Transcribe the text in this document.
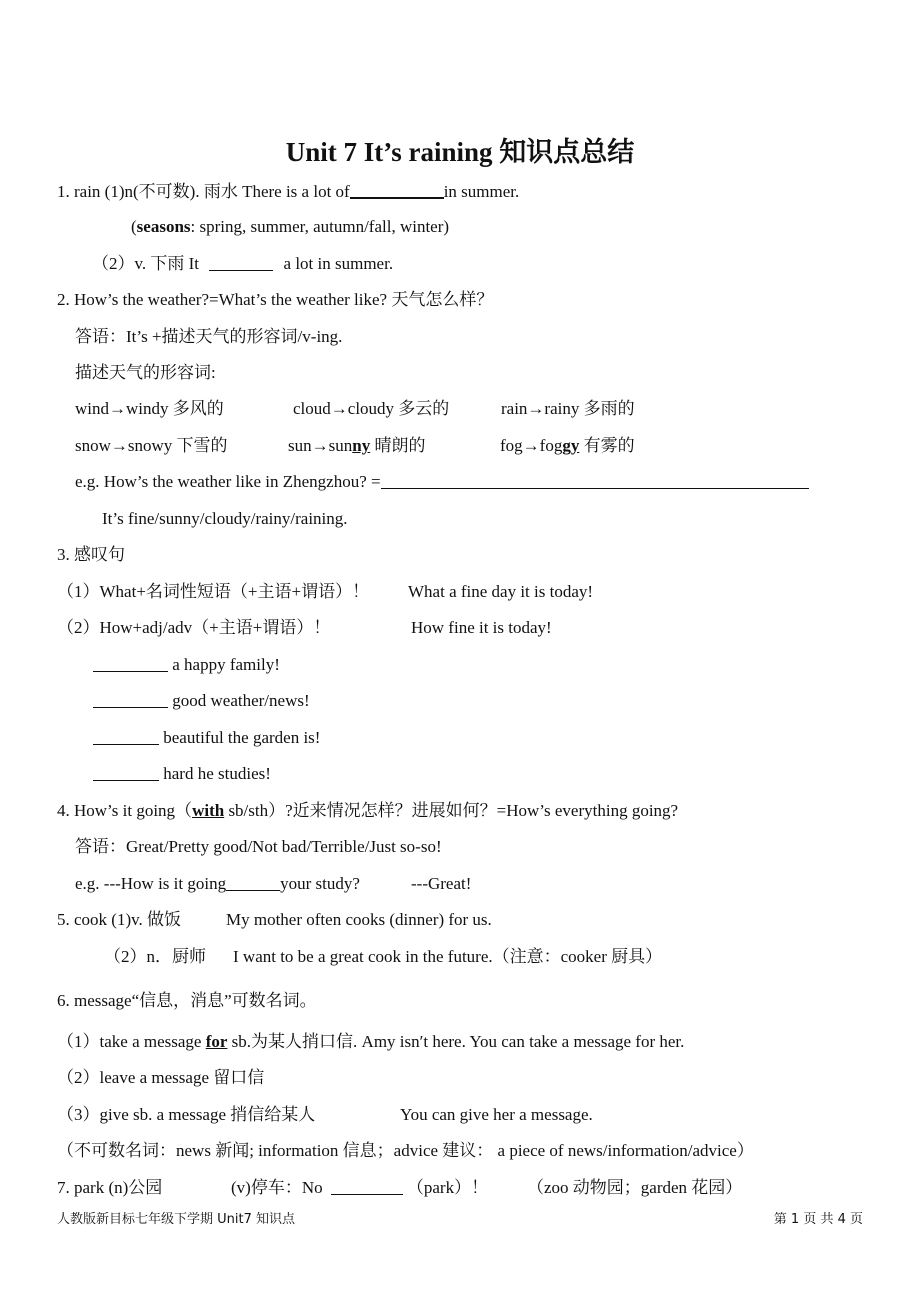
Unit 7 It’s raining 知识点总结
1. rain (1)n(不可数). 雨水 There is a lot of	in summer.
(seasons: spring, summer, autumn/fall, winter)
（2）v. 下雨 It	a lot in summer.
2. How’s the weather?=What’s the weather like? 天气怎么样？
答语：It’s +描述天气的形容词/v-ing.
描述天气的形容词:
wind→windy 多风的	cloud→cloudy 多云的	rain→rainy 多雨的
snow→snowy 下雪的	sun→sunny 晴朗的	fog→foggy 有雾的
e.g. How’s the weather like in Zhengzhou? =
It’s fine/sunny/cloudy/rainy/raining.
3. 感叹句
（1）What+名词性短语（+主语+谓语）！ What a fine day it is today!
（2）How+adj/adv（+主语+谓语）！	How fine it is today!
a happy family!
good weather/news!
beautiful the garden is!
hard he studies!
4. How’s it going（with sb/sth）?近来情况怎样？进展如何？=How’s everything going?
答语：Great/Pretty good/Not bad/Terrible/Just so-so!
e.g. ---How is it going	your study?	---Great!
5. cook (1)v. 做饭	My mother often cooks (dinner) for us.
（2）n．厨师 I want to be a great cook in the future.（注意：cooker 厨具）
6. message“信息，消息”可数名词。
（1）take a message for sb.为某人捎口信. Amy isn′t here. You can take a message for her.
（2）leave a message 留口信
（3）give sb. a message 捎信给某人	You can give her a message.
（不可数名词：news 新闻; information 信息；advice 建议： a piece of news/information/advice）
7. park (n)公园	(v)停车：No	（park）！ （zoo 动物园；garden 花园）
人教版新目标七年级下学期 Unit7 知识点	第 1 页 共 4 页
